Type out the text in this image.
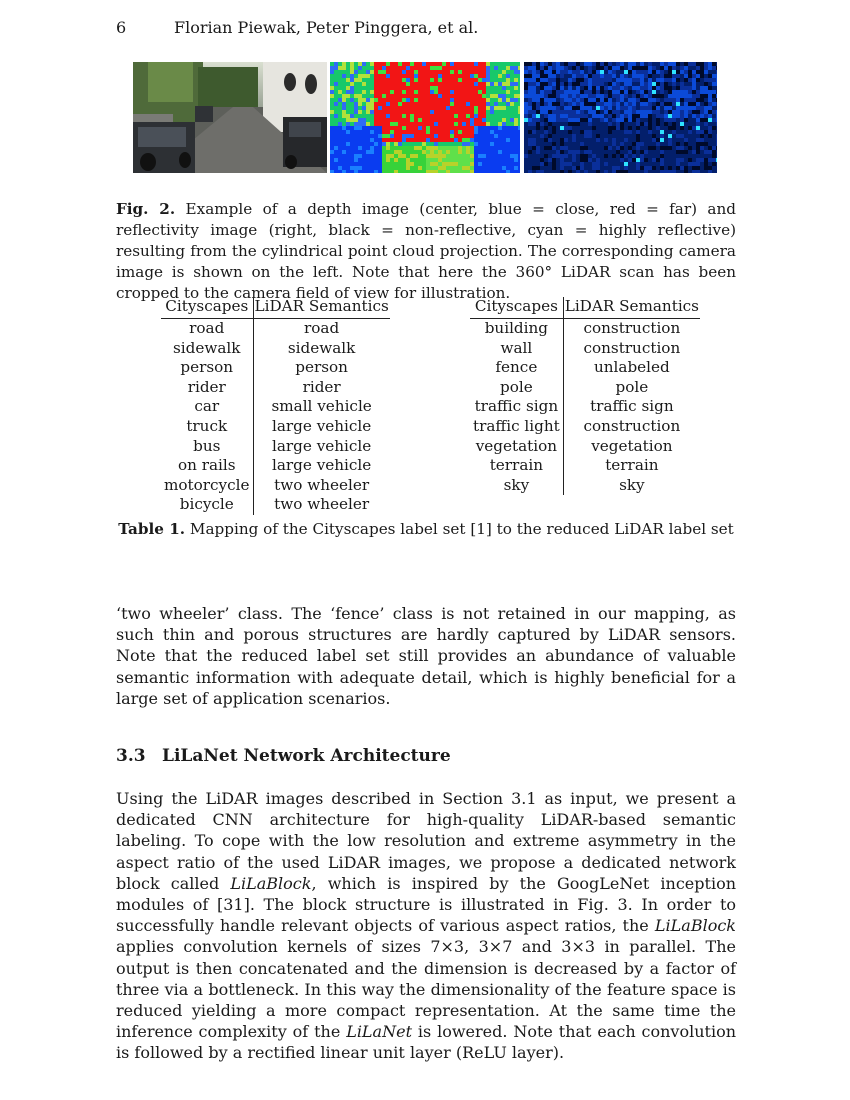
6	Florian Piewak, Peter Pinggera, et al.
Fig. 2. Example of a depth image (center, blue = close, red = far) and reflectivity image (right, black = non-reflective, cyan = highly reflective) resulting from the cylindrical point cloud projection. The corresponding camera image is shown on the left. Note that here the 360° LiDAR scan has been cropped to the camera field of view for illustration.
Cityscapes	LiDAR Semantics
road	road
sidewalk	sidewalk
person	person
rider	rider
car	small vehicle
truck	large vehicle
bus	large vehicle
on rails	large vehicle
motorcycle	two wheeler
bicycle	two wheeler
Cityscapes	LiDAR Semantics
building	construction
wall	construction
fence	unlabeled
pole	pole
traffic sign	traffic sign
traffic light	construction
vegetation	vegetation
terrain	terrain
sky	sky

Table 1. Mapping of the Cityscapes label set [1] to the reduced LiDAR label set
‘two wheeler’ class. The ‘fence’ class is not retained in our mapping, as such thin and porous structures are hardly captured by LiDAR sensors. Note that the reduced label set still provides an abundance of valuable semantic information with adequate detail, which is highly beneficial for a large set of application scenarios.
3.3 LiLaNet Network Architecture
Using the LiDAR images described in Section 3.1 as input, we present a dedicated CNN architecture for high-quality LiDAR-based semantic labeling. To cope with the low resolution and extreme asymmetry in the aspect ratio of the used LiDAR images, we propose a dedicated network block called LiLaBlock, which is inspired by the GoogLeNet inception modules of [31]. The block structure is illustrated in Fig. 3. In order to successfully handle relevant objects of various aspect ratios, the LiLaBlock applies convolution kernels of sizes 7×3, 3×7 and 3×3 in parallel. The output is then concatenated and the dimension is decreased by a factor of three via a bottleneck. In this way the dimensionality of the feature space is reduced yielding a more compact representation. At the same time the inference complexity of the LiLaNet is lowered. Note that each convolution is followed by a rectified linear unit layer (ReLU layer).
